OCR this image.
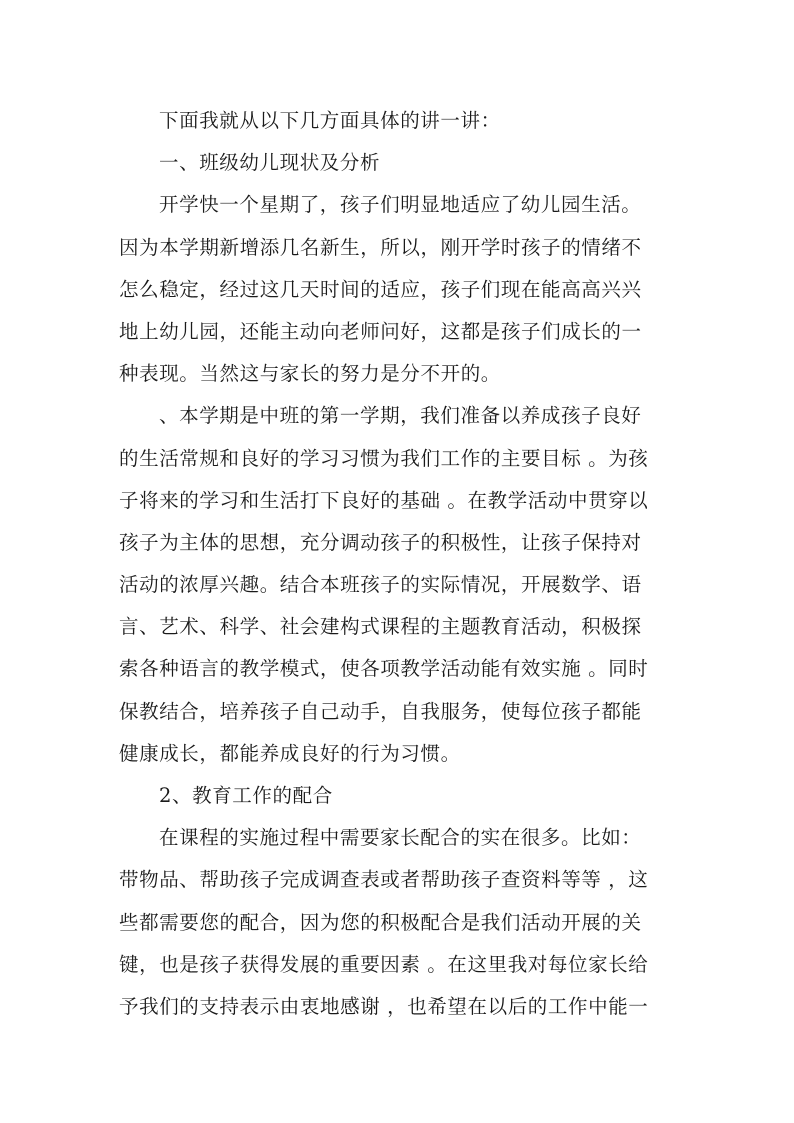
下面我就从以下几方面具体的讲一讲：
一、班级幼儿现状及分析
开学快一个星期了，孩子们明显地适应了幼儿园生活。
因为本学期新增添几名新生，所以，刚开学时孩子的情绪不
怎么稳定，经过这几天时间的适应，孩子们现在能高高兴兴
地上幼儿园，还能主动向老师问好，这都是孩子们成长的一
种表现。当然这与家长的努力是分不开的。
、本学期是中班的第一学期，我们准备以养成孩子良好
的生活常规和良好的学习习惯为我们工作的主要目标 。为孩
子将来的学习和生活打下良好的基础 。在教学活动中贯穿以
孩子为主体的思想，充分调动孩子的积极性，让孩子保持对
活动的浓厚兴趣。结合本班孩子的实际情况，开展数学、语
言、艺术、科学、社会建构式课程的主题教育活动，积极探
索各种语言的教学模式，使各项教学活动能有效实施 。同时
保教结合，培养孩子自己动手，自我服务，使每位孩子都能
健康成长，都能养成良好的行为习惯。
2、教育工作的配合
在课程的实施过程中需要家长配合的实在很多。比如：
带物品、帮助孩子完成调查表或者帮助孩子查资料等等 ，这
些都需要您的配合，因为您的积极配合是我们活动开展的关
键，也是孩子获得发展的重要因素 。在这里我对每位家长给
予我们的支持表示由衷地感谢 ，也希望在以后的工作中能一
